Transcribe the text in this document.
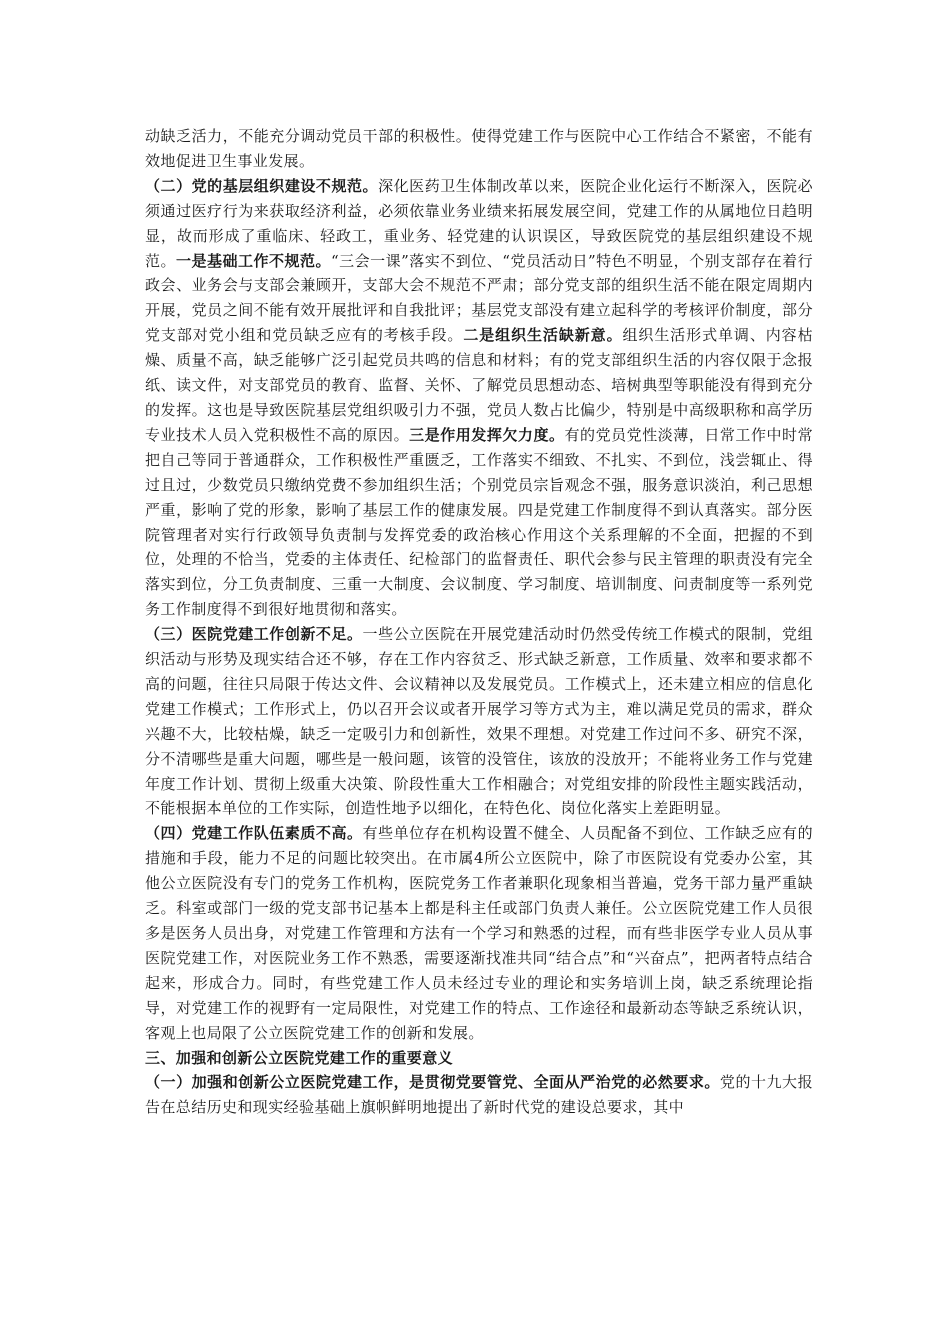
动缺乏活力，不能充分调动党员干部的积极性。使得党建工作与医院中心工作结合不紧密，不能有效地促进卫生事业发展。

（二）党的基层组织建设不规范。深化医药卫生体制改革以来，医院企业化运行不断深入，医院必须通过医疗行为来获取经济利益，必须依靠业务业绩来拓展发展空间，党建工作的从属地位日趋明显，故而形成了重临床、轻政工，重业务、轻党建的认识误区，导致医院党的基层组织建设不规范。一是基础工作不规范。“三会一课”落实不到位、“党员活动日”特色不明显，个别支部存在着行政会、业务会与支部会兼顾开，支部大会不规范不严肃；部分党支部的组织生活不能在限定周期内开展，党员之间不能有效开展批评和自我批评；基层党支部没有建立起科学的考核评价制度，部分党支部对党小组和党员缺乏应有的考核手段。二是组织生活缺新意。组织生活形式单调、内容枯燥、质量不高，缺乏能够广泛引起党员共鸣的信息和材料；有的党支部组织生活的内容仅限于念报纸、读文件，对支部党员的教育、监督、关怀、了解党员思想动态、培树典型等职能没有得到充分的发挥。这也是导致医院基层党组织吸引力不强，党员人数占比偏少，特别是中高级职称和高学历专业技术人员入党积极性不高的原因。三是作用发挥欠力度。有的党员党性淡薄，日常工作中时常把自己等同于普通群众，工作积极性严重匮乏，工作落实不细致、不扎实、不到位，浅尝辄止、得过且过，少数党员只缴纳党费不参加组织生活；个别党员宗旨观念不强，服务意识淡泊，利己思想严重，影响了党的形象，影响了基层工作的健康发展。四是党建工作制度得不到认真落实。部分医院管理者对实行行政领导负责制与发挥党委的政治核心作用这个关系理解的不全面，把握的不到位，处理的不恰当，党委的主体责任、纪检部门的监督责任、职代会参与民主管理的职责没有完全落实到位，分工负责制度、三重一大制度、会议制度、学习制度、培训制度、问责制度等一系列党务工作制度得不到很好地贯彻和落实。

（三）医院党建工作创新不足。一些公立医院在开展党建活动时仍然受传统工作模式的限制，党组织活动与形势及现实结合还不够，存在工作内容贫乏、形式缺乏新意，工作质量、效率和要求都不高的问题，往往只局限于传达文件、会议精神以及发展党员。工作模式上，还未建立相应的信息化党建工作模式；工作形式上，仍以召开会议或者开展学习等方式为主，难以满足党员的需求，群众兴趣不大，比较枯燥，缺乏一定吸引力和创新性，效果不理想。对党建工作过问不多、研究不深，分不清哪些是重大问题，哪些是一般问题，该管的没管住，该放的没放开；不能将业务工作与党建年度工作计划、贯彻上级重大决策、阶段性重大工作相融合；对党组安排的阶段性主题实践活动，不能根据本单位的工作实际，创造性地予以细化，在特色化、岗位化落实上差距明显。

（四）党建工作队伍素质不高。有些单位存在机构设置不健全、人员配备不到位、工作缺乏应有的措施和手段，能力不足的问题比较突出。在市属4所公立医院中，除了市医院设有党委办公室，其他公立医院没有专门的党务工作机构，医院党务工作者兼职化现象相当普遍，党务干部力量严重缺乏。科室或部门一级的党支部书记基本上都是科主任或部门负责人兼任。公立医院党建工作人员很多是医务人员出身，对党建工作管理和方法有一个学习和熟悉的过程，而有些非医学专业人员从事医院党建工作，对医院业务工作不熟悉，需要逐渐找准共同“结合点”和“兴奋点”，把两者特点结合起来，形成合力。同时，有些党建工作人员未经过专业的理论和实务培训上岗，缺乏系统理论指导，对党建工作的视野有一定局限性，对党建工作的特点、工作途径和最新动态等缺乏系统认识，客观上也局限了公立医院党建工作的创新和发展。

三、加强和创新公立医院党建工作的重要意义

（一）加强和创新公立医院党建工作，是贯彻党要管党、全面从严治党的必然要求。党的十九大报告在总结历史和现实经验基础上旗帜鲜明地提出了新时代党的建设总要求，其中
